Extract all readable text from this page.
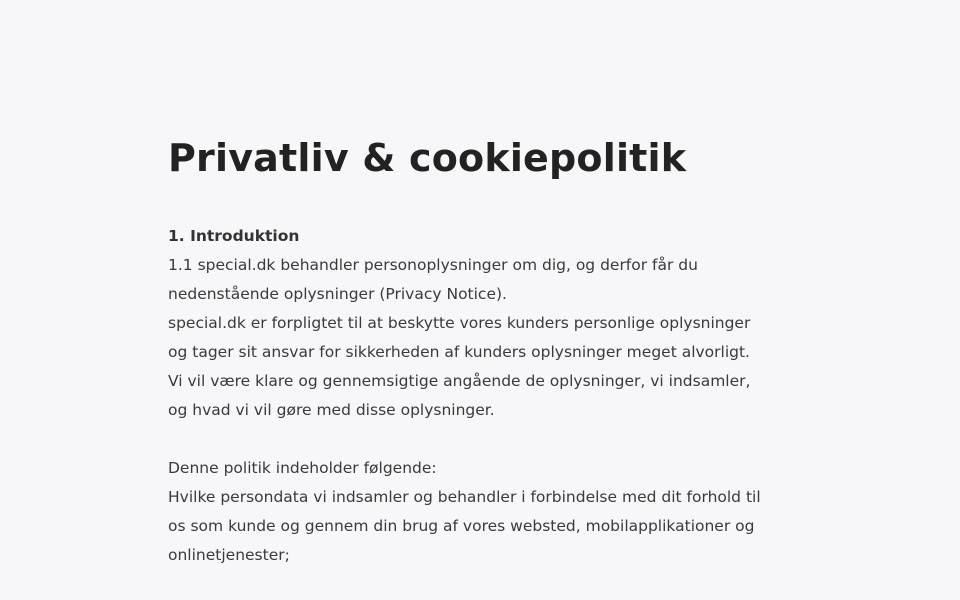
Privatliv & cookiepolitik
1. Introduktion
1.1 special.dk behandler personoplysninger om dig, og derfor får du
nedenstående oplysninger (Privacy Notice).
special.dk er forpligtet til at beskytte vores kunders personlige oplysninger
og tager sit ansvar for sikkerheden af kunders oplysninger meget alvorligt.
Vi vil være klare og gennemsigtige angående de oplysninger, vi indsamler,
og hvad vi vil gøre med disse oplysninger.
Denne politik indeholder følgende:
Hvilke persondata vi indsamler og behandler i forbindelse med dit forhold til
os som kunde og gennem din brug af vores websted, mobilapplikationer og
onlinetjenester;
